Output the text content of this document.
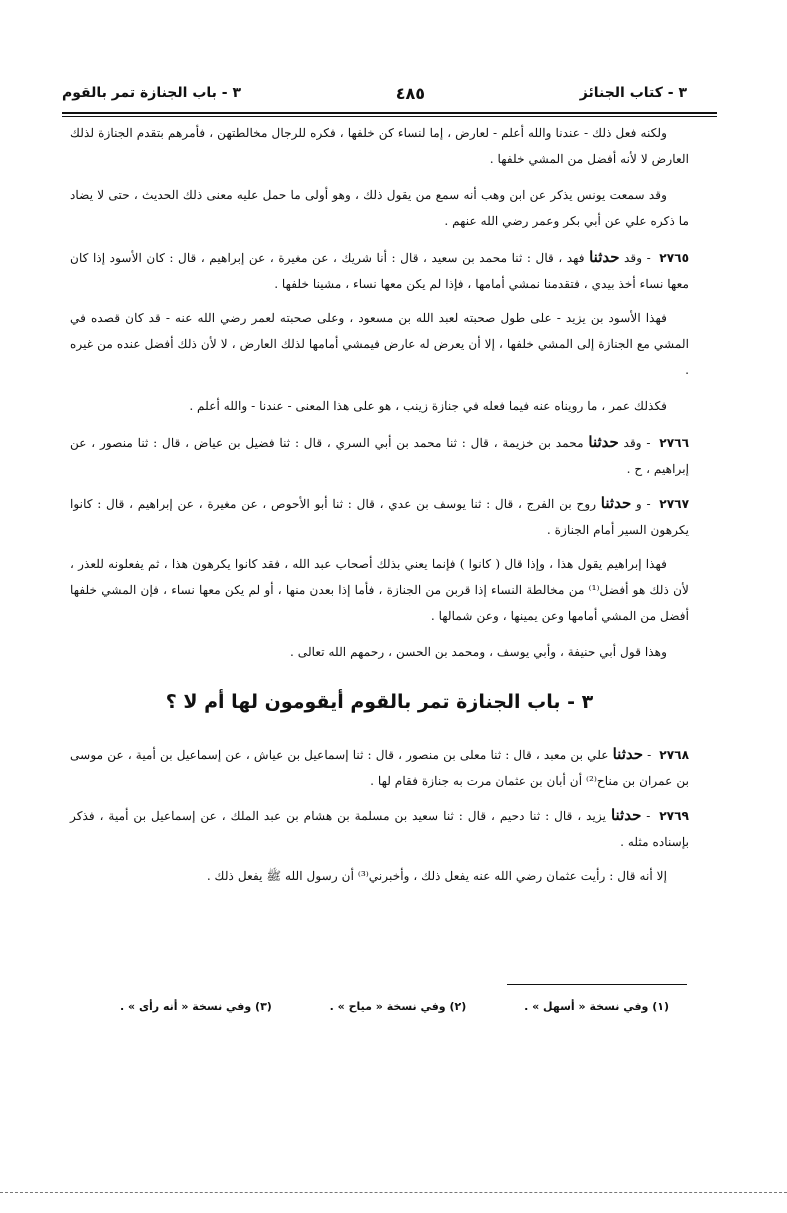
٣ - كتاب الجنائز
٤٨٥
٣ - باب الجنازة تمر بالقوم

ولكنه فعل ذلك - عندنا والله أعلم - لعارض ، إما لنساء كن خلفها ، فكره للرجال مخالطتهن ، فأمرهم بتقدم الجنازة لذلك العارض لا لأنه أفضل من المشي خلفها .

وقد سمعت يونس يذكر عن ابن وهب أنه سمع من يقول ذلك ، وهو أولى ما حمل عليه معنى ذلك الحديث ، حتى لا يضاد ما ذكره علي عن أبي بكر وعمر رضي الله عنهم .

٢٧٦٥ - وقد حدثنا فهد ، قال : ثنا محمد بن سعيد ، قال : أنا شريك ، عن مغيرة ، عن إبراهيم ، قال : كان الأسود إذا كان معها نساء أخذ بيدي ، فتقدمنا نمشي أمامها ، فإذا لم يكن معها نساء ، مشينا خلفها .

فهذا الأسود بن يزيد - على طول صحبته لعبد الله بن مسعود ، وعلى صحبته لعمر رضي الله عنه - قد كان قصده في المشي مع الجنازة إلى المشي خلفها ، إلا أن يعرض له عارض فيمشي أمامها لذلك العارض ، لا لأن ذلك أفضل عنده من غيره .

فكذلك عمر ، ما رويناه عنه فيما فعله في جنازة زينب ، هو على هذا المعنى - عندنا - والله أعلم .

٢٧٦٦ - وقد حدثنا محمد بن خزيمة ، قال : ثنا محمد بن أبي السري ، قال : ثنا فضيل بن عياض ، قال : ثنا منصور ، عن إبراهيم ، ح .

٢٧٦٧ - و حدثنا روح بن الفرج ، قال : ثنا يوسف بن عدي ، قال : ثنا أبو الأحوص ، عن مغيرة ، عن إبراهيم ، قال : كانوا يكرهون السير أمام الجنازة .

فهذا إبراهيم يقول هذا ، وإذا قال ( كانوا ) فإنما يعني بذلك أصحاب عبد الله ، فقد كانوا يكرهون هذا ، ثم يفعلونه للعذر ، لأن ذلك هو أفضل⁽¹⁾ من مخالطة النساء إذا قربن من الجنازة ، فأما إذا بعدن منها ، أو لم يكن معها نساء ، فإن المشي خلفها أفضل من المشي أمامها وعن يمينها ، وعن شمالها .

وهذا قول أبي حنيفة ، وأبي يوسف ، ومحمد بن الحسن ، رحمهم الله تعالى .

٣ - باب الجنازة تمر بالقوم أيقومون لها أم لا ؟

٢٧٦٨ - حدثنا علي بن معبد ، قال : ثنا معلى بن منصور ، قال : ثنا إسماعيل بن عياش ، عن إسماعيل بن أمية ، عن موسى بن عمران بن مناح⁽²⁾ أن أبان بن عثمان مرت به جنازة فقام لها .

٢٧٦٩ - حدثنا يزيد ، قال : ثنا دحيم ، قال : ثنا سعيد بن مسلمة بن هشام بن عبد الملك ، عن إسماعيل بن أمية ، فذكر بإسناده مثله .

إلا أنه قال : رأيت عثمان رضي الله عنه يفعل ذلك ، وأخبرني⁽³⁾ أن رسول الله ﷺ يفعل ذلك .

(١) وفي نسخة « أسهل » .
(٢) وفي نسخة « مياح » .
(٣) وفي نسخة « أنه رأى » .
